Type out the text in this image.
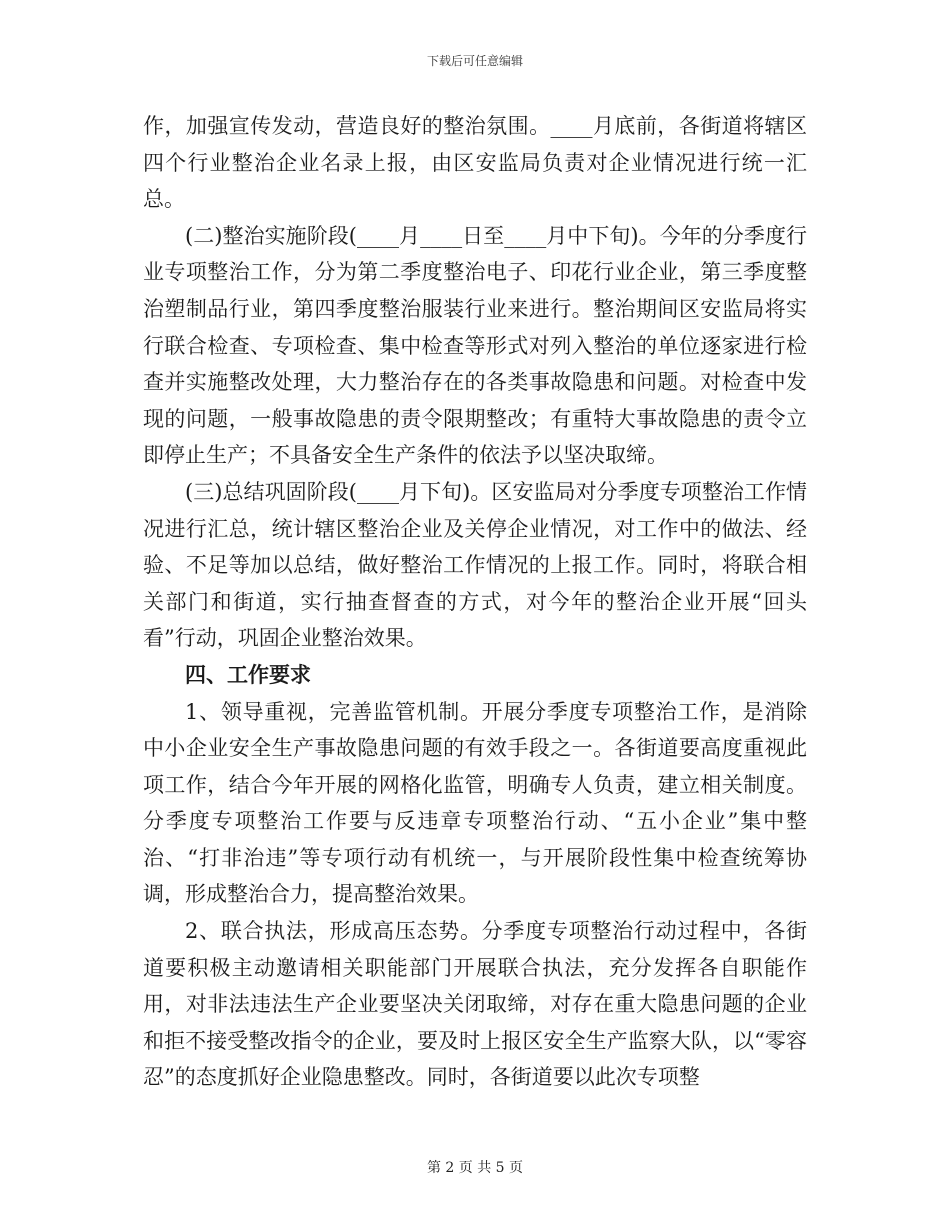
下载后可任意编辑

作，加强宣传发动，营造良好的整治氛围。____月底前，各街道将辖区四个行业整治企业名录上报，由区安监局负责对企业情况进行统一汇总。

(二)整治实施阶段(____月____日至____月中下旬)。今年的分季度行业专项整治工作，分为第二季度整治电子、印花行业企业，第三季度整治塑制品行业，第四季度整治服装行业来进行。整治期间区安监局将实行联合检查、专项检查、集中检查等形式对列入整治的单位逐家进行检查并实施整改处理，大力整治存在的各类事故隐患和问题。对检查中发现的问题，一般事故隐患的责令限期整改；有重特大事故隐患的责令立即停止生产；不具备安全生产条件的依法予以坚决取缔。

(三)总结巩固阶段(____月下旬)。区安监局对分季度专项整治工作情况进行汇总，统计辖区整治企业及关停企业情况，对工作中的做法、经验、不足等加以总结，做好整治工作情况的上报工作。同时，将联合相关部门和街道，实行抽查督查的方式，对今年的整治企业开展“回头看”行动，巩固企业整治效果。

四、工作要求

1、领导重视，完善监管机制。开展分季度专项整治工作，是消除中小企业安全生产事故隐患问题的有效手段之一。各街道要高度重视此项工作，结合今年开展的网格化监管，明确专人负责，建立相关制度。分季度专项整治工作要与反违章专项整治行动、“五小企业”集中整治、“打非治违”等专项行动有机统一，与开展阶段性集中检查统筹协调，形成整治合力，提高整治效果。

2、联合执法，形成高压态势。分季度专项整治行动过程中，各街道要积极主动邀请相关职能部门开展联合执法，充分发挥各自职能作用，对非法违法生产企业要坚决关闭取缔，对存在重大隐患问题的企业和拒不接受整改指令的企业，要及时上报区安全生产监察大队，以“零容忍”的态度抓好企业隐患整改。同时，各街道要以此次专项整

第 2 页 共 5 页
